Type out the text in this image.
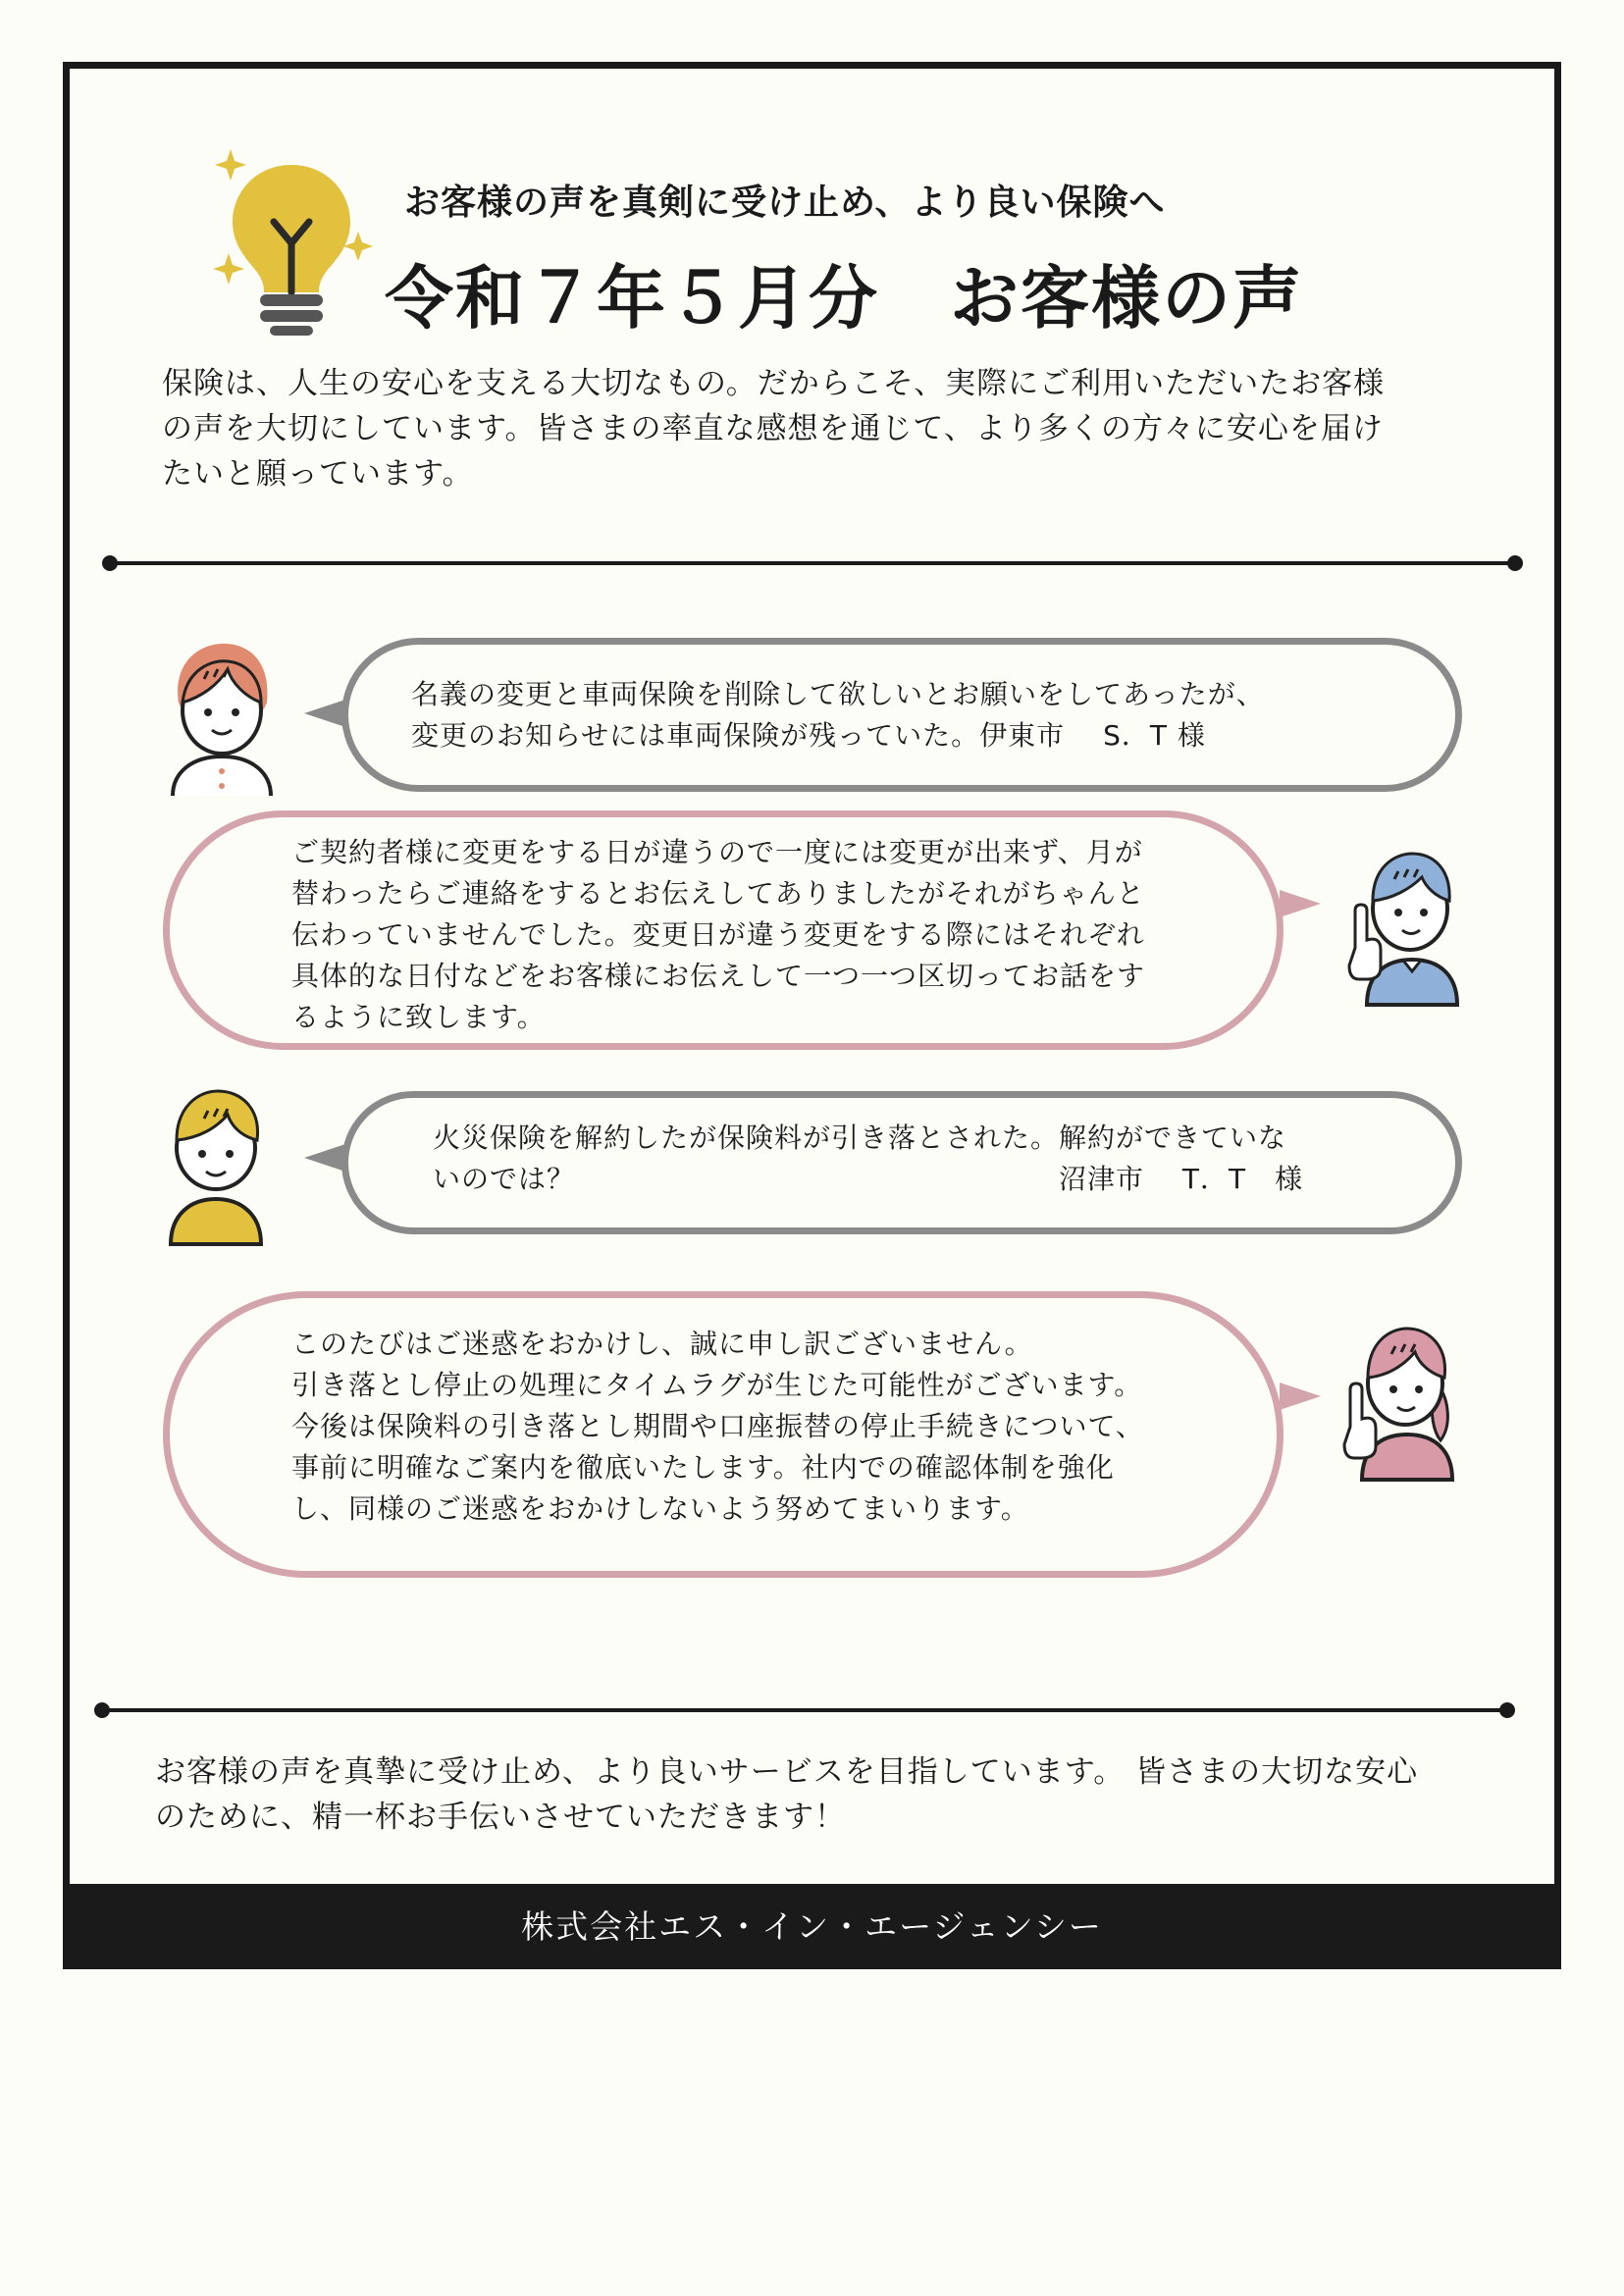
お客様の声を真剣に受け止め、より良い保険へ
令和７年５月分　お客様の声

保険は、人生の安心を支える大切なもの。だからこそ、実際にご利用いただいたお客様

の声を大切にしています。皆さまの率直な感想を通じて、より多くの方々に安心を届け

たいと願っています。

名義の変更と車両保険を削除して欲しいとお願いをしてあったが、

変更のお知らせには車両保険が残っていた。伊東市　 S．T 様

ご契約者様に変更をする日が違うので一度には変更が出来ず、月が

替わったらご連絡をするとお伝えしてありましたがそれがちゃんと

伝わっていませんでした。変更日が違う変更をする際にはそれぞれ

具体的な日付などをお客様にお伝えして一つ一つ区切ってお話をす

るように致します。

火災保険を解約したが保険料が引き落とされた。解約ができていな

いのでは？　　　　　　　　　　　　　　　　　沼津市　 T．T　様

このたびはご迷惑をおかけし、誠に申し訳ございません。

引き落とし停止の処理にタイムラグが生じた可能性がございます。

今後は保険料の引き落とし期間や口座振替の停止手続きについて、

事前に明確なご案内を徹底いたします。社内での確認体制を強化

し、同様のご迷惑をおかけしないよう努めてまいります。

お客様の声を真摯に受け止め、より良いサービスを目指しています。 皆さまの大切な安心

のために、精一杯お手伝いさせていただきます！

株式会社エス・イン・エージェンシー
